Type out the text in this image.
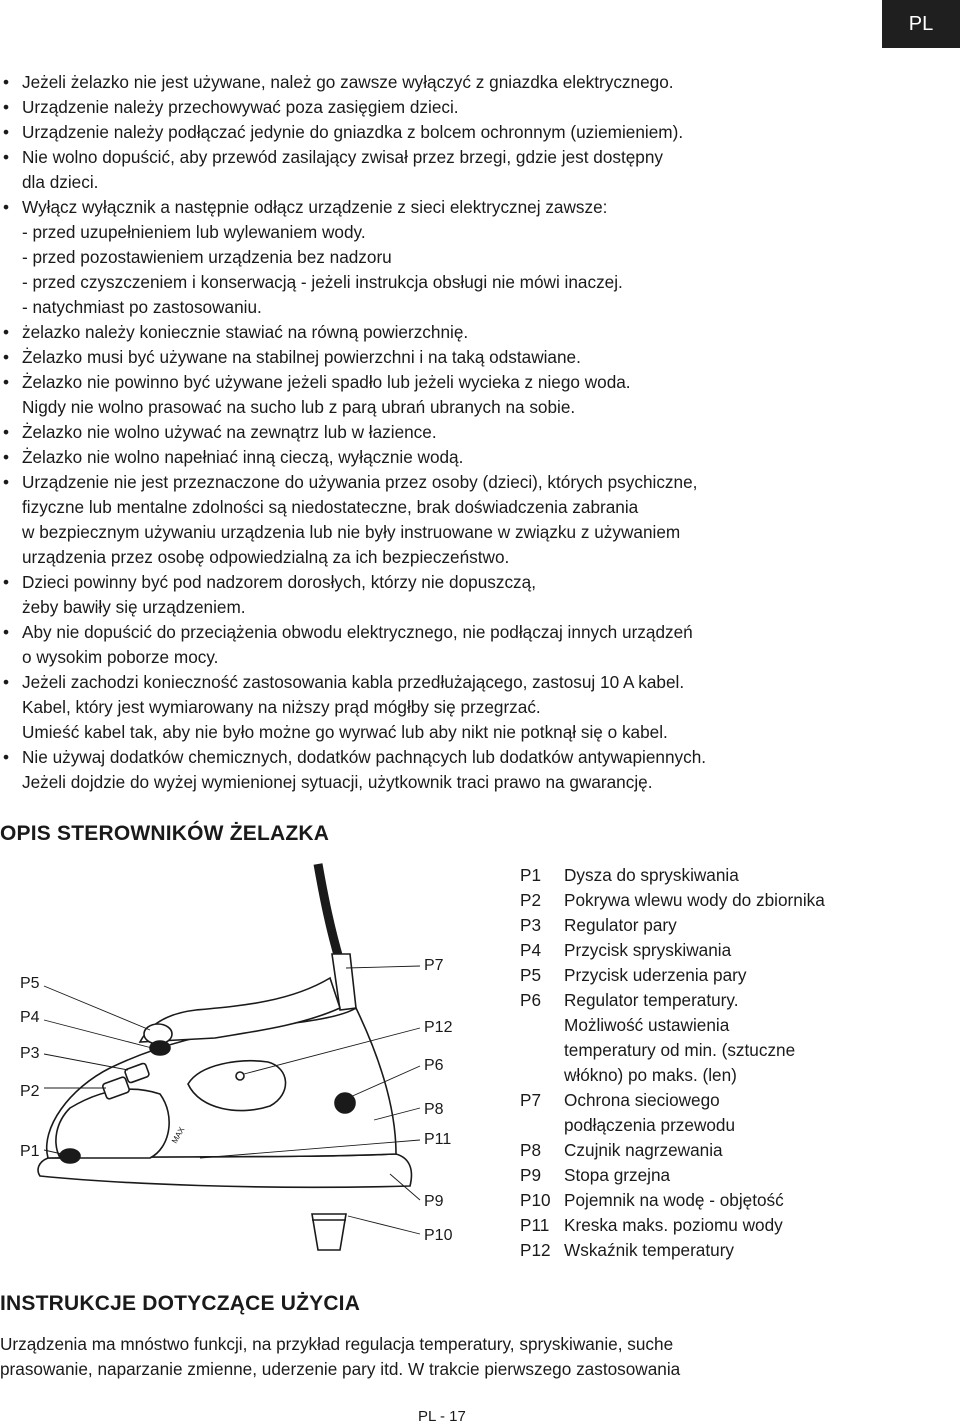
PL
• Jeżeli żelazko nie jest używane, należ go zawsze wyłączyć z gniazdka elektrycznego.
• Urządzenie należy przechowywać poza zasięgiem dzieci.
• Urządzenie należy podłączać jedynie do gniazdka z bolcem ochronnym (uziemieniem).
• Nie wolno dopuścić, aby przewód zasilający zwisał przez brzegi, gdzie jest dostępny
dla dzieci.
• Wyłącz wyłącznik a następnie odłącz urządzenie z sieci elektrycznej zawsze:
- przed uzupełnieniem lub wylewaniem wody.
- przed pozostawieniem urządzenia bez nadzoru
- przed czyszczeniem i konserwacją - jeżeli instrukcja obsługi nie mówi inaczej.
- natychmiast po zastosowaniu.
• żelazko należy koniecznie stawiać na równą powierzchnię.
• Żelazko musi być używane na stabilnej powierzchni i na taką odstawiane.
• Żelazko nie powinno być używane jeżeli spadło lub jeżeli wycieka z niego woda.
Nigdy nie wolno prasować na sucho lub z parą ubrań ubranych na sobie.
• Żelazko nie wolno używać na zewnątrz lub w łazience.
• Żelazko nie wolno napełniać inną cieczą, wyłącznie wodą.
• Urządzenie nie jest przeznaczone do używania przez osoby (dzieci), których psychiczne,
fizyczne lub mentalne zdolności są niedostateczne, brak doświadczenia zabrania
w bezpiecznym używaniu urządzenia lub nie były instruowane w związku z używaniem
urządzenia przez osobę odpowiedzialną za ich bezpieczeństwo.
• Dzieci powinny być pod nadzorem dorosłych, którzy nie dopuszczą,
żeby bawiły się urządzeniem.
• Aby nie dopuścić do przeciążenia obwodu elektrycznego, nie podłączaj innych urządzeń
o wysokim poborze mocy.
• Jeżeli zachodzi konieczność zastosowania kabla przedłużającego, zastosuj 10 A kabel.
Kabel, który jest wymiarowany na niższy prąd mógłby się przegrzać.
Umieść kabel tak, aby nie było możne go wyrwać lub aby nikt nie potknął się o kabel.
• Nie używaj dodatków chemicznych, dodatków pachnących lub dodatków antywapiennych.
Jeżeli dojdzie do wyżej wymienionej sytuacji, użytkownik traci prawo na gwarancję.
OPIS STEROWNIKÓW ŻELAZKA
P5
P4
P3
P2
P1
P7
P12
P6
P8
P11
P9
P10
MAX
P1 Dysza do spryskiwania
P2 Pokrywa wlewu wody do zbiornika
P3 Regulator pary
P4 Przycisk spryskiwania
P5 Przycisk uderzenia pary
P6 Regulator temperatury.
Możliwość ustawienia
temperatury od min. (sztuczne
włókno) po maks. (len)
P7 Ochrona sieciowego
podłączenia przewodu
P8 Czujnik nagrzewania
P9 Stopa grzejna
P10 Pojemnik na wodę - objętość
P11 Kreska maks. poziomu wody
P12 Wskaźnik temperatury
INSTRUKCJE DOTYCZĄCE UŻYCIA
Urządzenia ma mnóstwo funkcji, na przykład regulacja temperatury, spryskiwanie, suche
prasowanie, naparzanie zmienne, uderzenie pary itd. W trakcie pierwszego zastosowania
PL - 17
